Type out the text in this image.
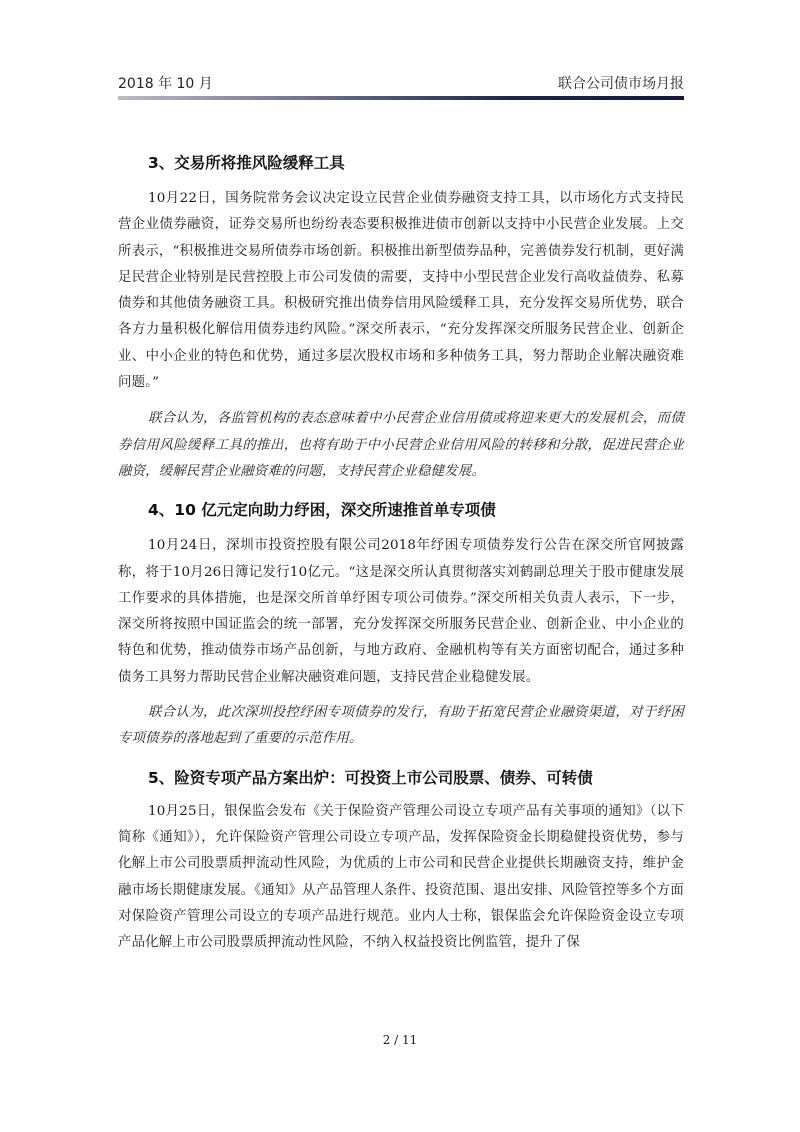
2018 年 10 月	联合公司债市场月报
3、交易所将推风险缓释工具

10月22日，国务院常务会议决定设立民营企业债券融资支持工具，以市场化方式支持民营企业债券融资，证券交易所也纷纷表态要积极推进债市创新以支持中小民营企业发展。上交所表示，“积极推进交易所债券市场创新。积极推出新型债券品种，完善债券发行机制，更好满足民营企业特别是民营控股上市公司发债的需要，支持中小型民营企业发行高收益债券、私募债券和其他债务融资工具。积极研究推出债券信用风险缓释工具，充分发挥交易所优势，联合各方力量积极化解信用债券违约风险。”深交所表示，“充分发挥深交所服务民营企业、创新企业、中小企业的特色和优势，通过多层次股权市场和多种债务工具，努力帮助企业解决融资难问题。”

联合认为，各监管机构的表态意味着中小民营企业信用债或将迎来更大的发展机会，而债券信用风险缓释工具的推出，也将有助于中小民营企业信用风险的转移和分散，促进民营企业融资，缓解民营企业融资难的问题，支持民营企业稳健发展。

4、10 亿元定向助力纾困，深交所速推首单专项债

10月24日，深圳市投资控股有限公司2018年纾困专项债券发行公告在深交所官网披露称，将于10月26日簿记发行10亿元。“这是深交所认真贯彻落实刘鹤副总理关于股市健康发展工作要求的具体措施，也是深交所首单纾困专项公司债券。”深交所相关负责人表示，下一步，深交所将按照中国证监会的统一部署，充分发挥深交所服务民营企业、创新企业、中小企业的特色和优势，推动债券市场产品创新，与地方政府、金融机构等有关方面密切配合，通过多种债务工具努力帮助民营企业解决融资难问题，支持民营企业稳健发展。

联合认为，此次深圳投控纾困专项债券的发行，有助于拓宽民营企业融资渠道，对于纾困专项债券的落地起到了重要的示范作用。

5、险资专项产品方案出炉：可投资上市公司股票、债券、可转债

10月25日，银保监会发布《关于保险资产管理公司设立专项产品有关事项的通知》（以下简称《通知》），允许保险资产管理公司设立专项产品，发挥保险资金长期稳健投资优势，参与化解上市公司股票质押流动性风险，为优质的上市公司和民营企业提供长期融资支持，维护金融市场长期健康发展。《通知》从产品管理人条件、投资范围、退出安排、风险管控等多个方面对保险资产管理公司设立的专项产品进行规范。业内人士称，银保监会允许保险资金设立专项产品化解上市公司股票质押流动性风险，不纳入权益投资比例监管，提升了保

2 / 11
